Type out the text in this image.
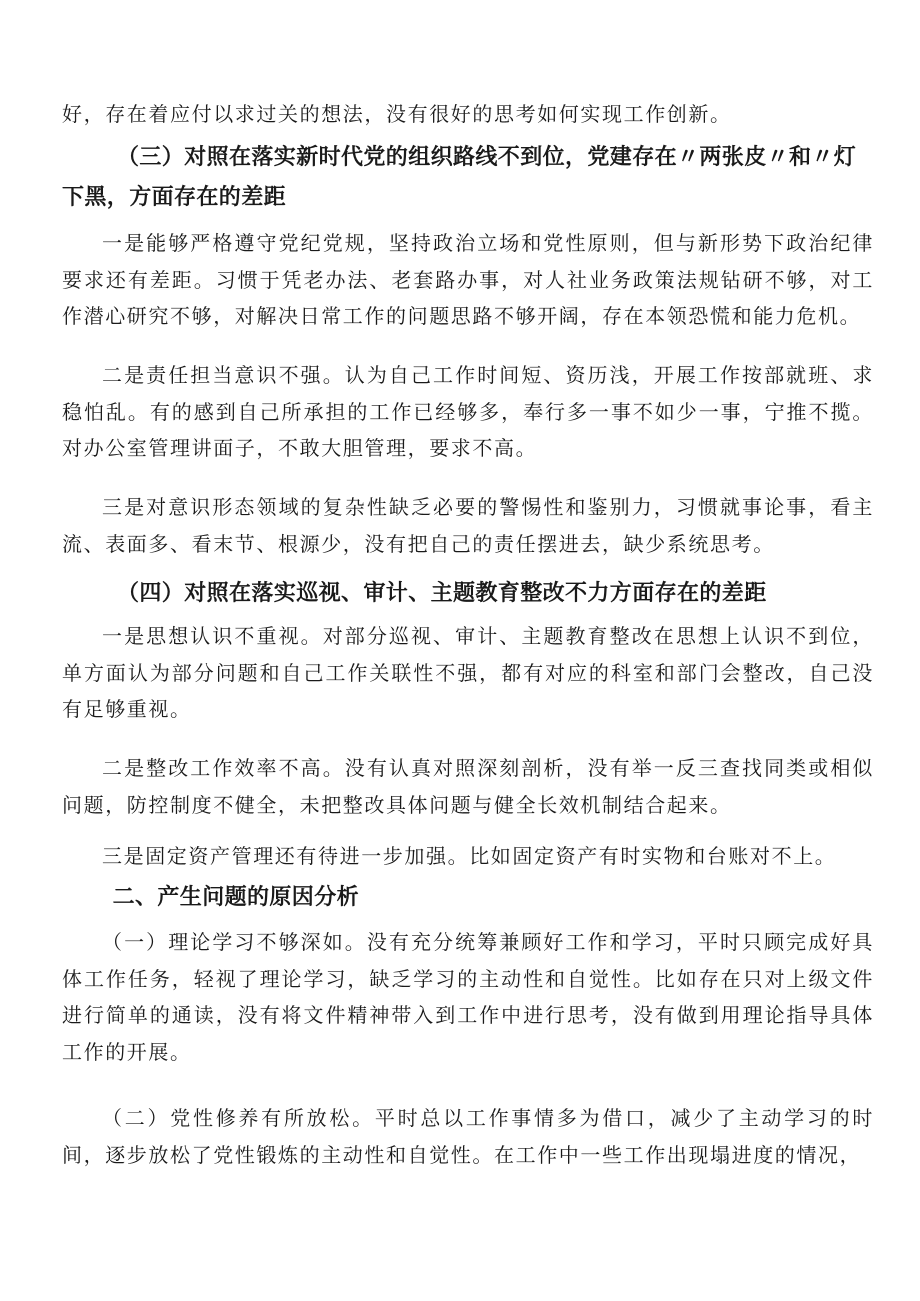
好，存在着应付以求过关的想法，没有很好的思考如何实现工作创新。

（三）对照在落实新时代党的组织路线不到位，党建存在〃两张皮〃和〃灯下黑，方面存在的差距

一是能够严格遵守党纪党规，坚持政治立场和党性原则，但与新形势下政治纪律要求还有差距。习惯于凭老办法、老套路办事，对人社业务政策法规钻研不够，对工作潜心研究不够，对解决日常工作的问题思路不够开阔，存在本领恐慌和能力危机。

二是责任担当意识不强。认为自己工作时间短、资历浅，开展工作按部就班、求稳怕乱。有的感到自己所承担的工作已经够多，奉行多一事不如少一事，宁推不揽。对办公室管理讲面子，不敢大胆管理，要求不高。

三是对意识形态领域的复杂性缺乏必要的警惕性和鉴别力，习惯就事论事，看主流、表面多、看末节、根源少，没有把自己的责任摆进去，缺少系统思考。

（四）对照在落实巡视、审计、主题教育整改不力方面存在的差距

一是思想认识不重视。对部分巡视、审计、主题教育整改在思想上认识不到位，单方面认为部分问题和自己工作关联性不强，都有对应的科室和部门会整改，自己没有足够重视。

二是整改工作效率不高。没有认真对照深刻剖析，没有举一反三查找同类或相似问题，防控制度不健全，未把整改具体问题与健全长效机制结合起来。

三是固定资产管理还有待进一步加强。比如固定资产有时实物和台账对不上。

二、产生问题的原因分析

（一）理论学习不够深如。没有充分统筹兼顾好工作和学习，平时只顾完成好具体工作任务，轻视了理论学习，缺乏学习的主动性和自觉性。比如存在只对上级文件进行简单的通读，没有将文件精神带入到工作中进行思考，没有做到用理论指导具体工作的开展。

（二）党性修养有所放松。平时总以工作事情多为借口，减少了主动学习的时间，逐步放松了党性锻炼的主动性和自觉性。在工作中一些工作出现塌进度的情况，
